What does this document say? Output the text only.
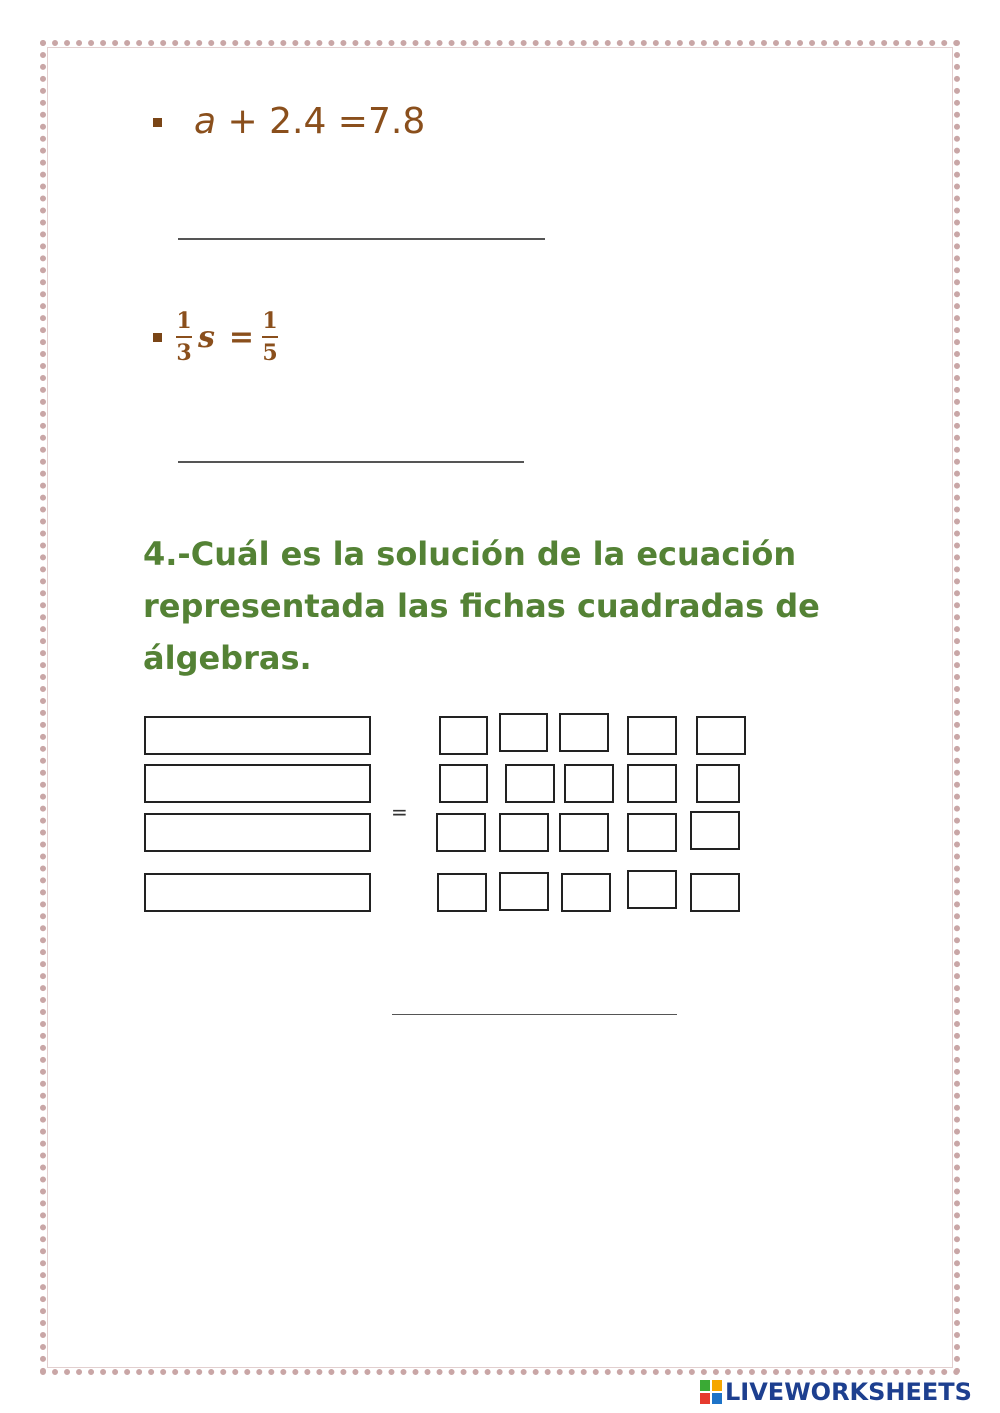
a + 2.4 =7.8
$\frac{1}{3}$ $s = \frac{1}{5}$
4.-Cuál es la solución de la ecuación representada las fichas cuadradas de álgebras.
=
LIVEWORKSHEETS
